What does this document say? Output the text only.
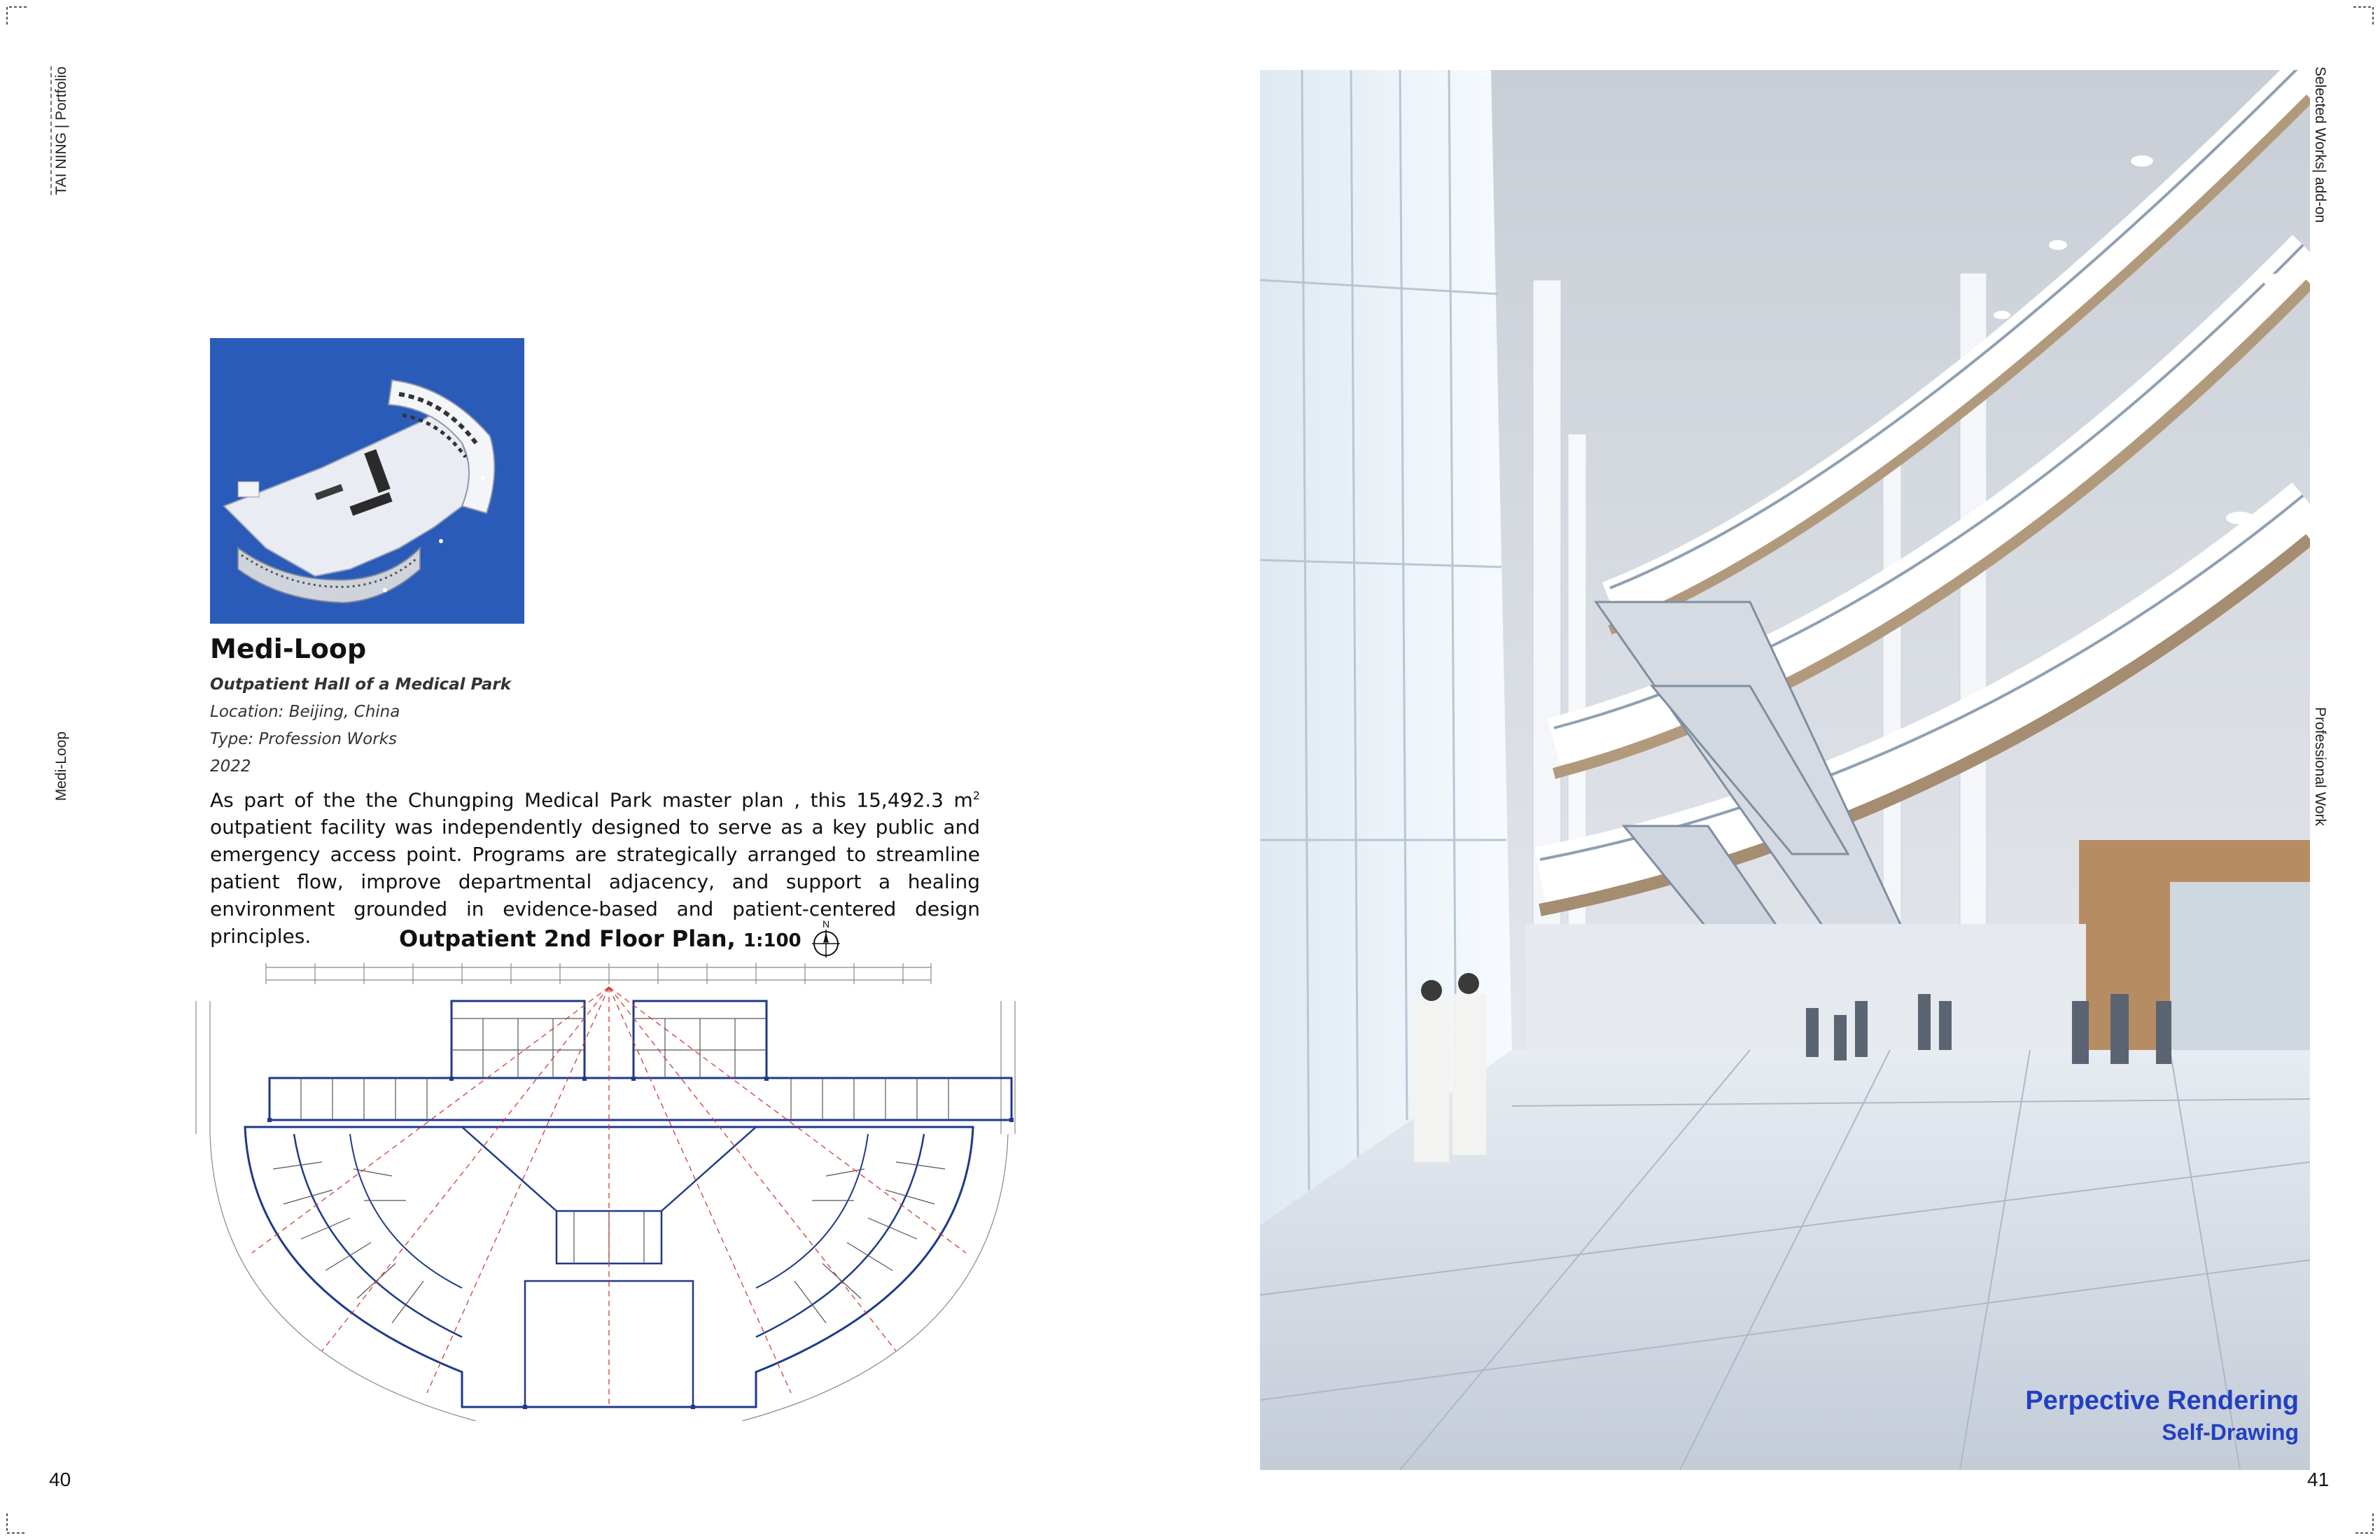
TAI NING | Portfolio
Medi-Loop
Selected Works| add-on
Professional Work
Medi-Loop
Outpatient Hall of a Medical Park
Location: Beijing, China
Type: Profession Works
2022
As part of the the Chungping Medical Park master plan , this 15,492.3 $m^2$ outpatient facility was independently designed to serve as a key public and emergency access point. Programs are strategically arranged to streamline patient flow, improve departmental adjacency, and support a healing environment grounded in evidence-based and patient-centered design principles.	Outpatient 2nd Floor Plan, 1:100
N
Perpective Rendering
Self-Drawing
40	41
